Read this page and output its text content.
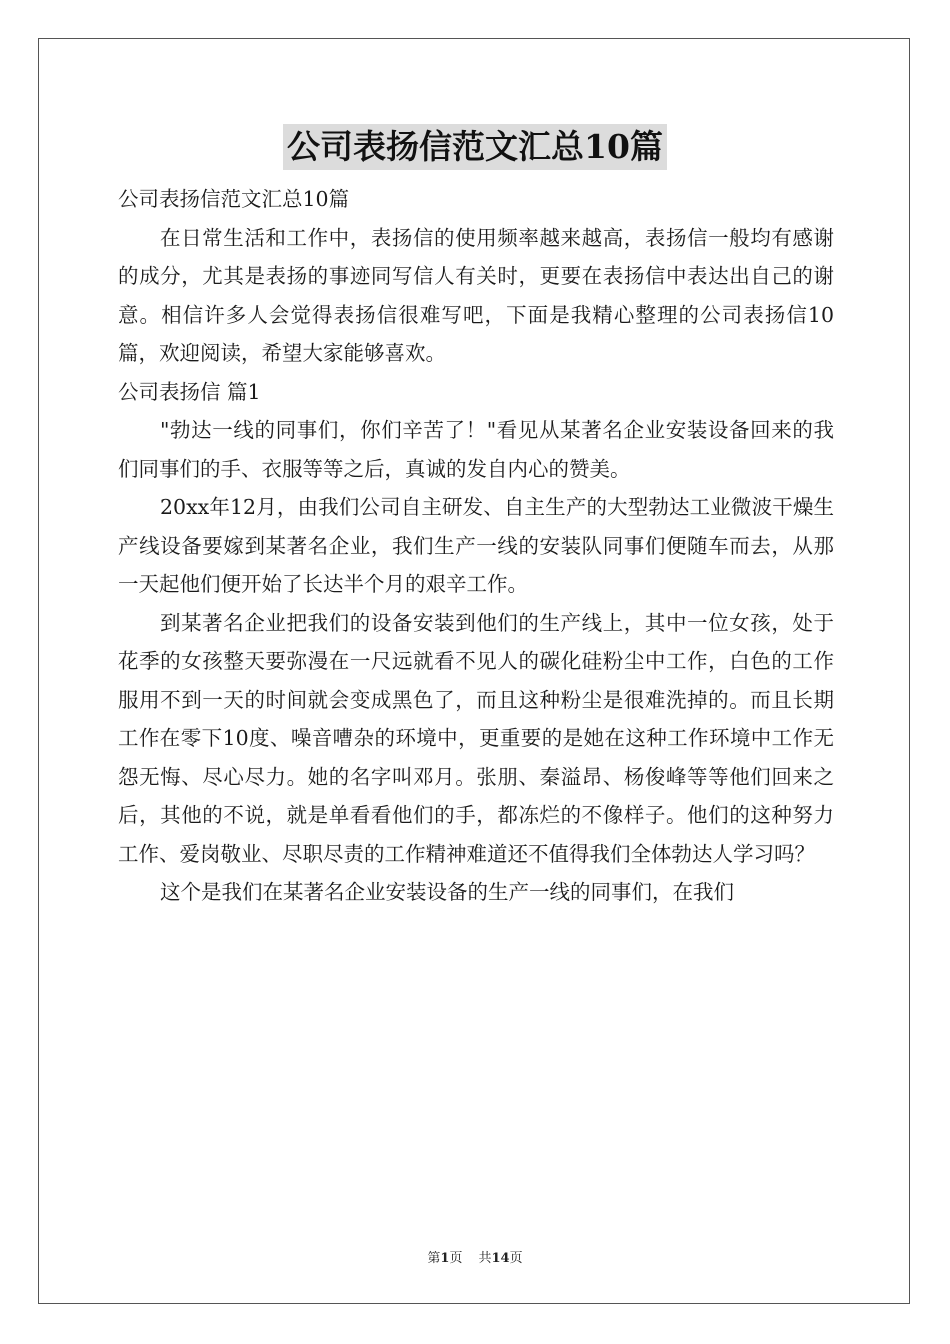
公司表扬信范文汇总10篇

公司表扬信范文汇总10篇

在日常生活和工作中，表扬信的使用频率越来越高，表扬信一般均有感谢的成分，尤其是表扬的事迹同写信人有关时，更要在表扬信中表达出自己的谢意。相信许多人会觉得表扬信很难写吧，下面是我精心整理的公司表扬信10篇，欢迎阅读，希望大家能够喜欢。

公司表扬信 篇1

"勃达一线的同事们，你们辛苦了！"看见从某著名企业安装设备回来的我们同事们的手、衣服等等之后，真诚的发自内心的赞美。

20xx年12月，由我们公司自主研发、自主生产的大型勃达工业微波干燥生产线设备要嫁到某著名企业，我们生产一线的安装队同事们便随车而去，从那一天起他们便开始了长达半个月的艰辛工作。

到某著名企业把我们的设备安装到他们的生产线上，其中一位女孩，处于花季的女孩整天要弥漫在一尺远就看不见人的碳化硅粉尘中工作，白色的工作服用不到一天的时间就会变成黑色了，而且这种粉尘是很难洗掉的。而且长期工作在零下10度、噪音嘈杂的环境中，更重要的是她在这种工作环境中工作无怨无悔、尽心尽力。她的名字叫邓月。张朋、秦溢昂、杨俊峰等等他们回来之后，其他的不说，就是单看看他们的手，都冻烂的不像样子。他们的这种努力工作、爱岗敬业、尽职尽责的工作精神难道还不值得我们全体勃达人学习吗？

这个是我们在某著名企业安装设备的生产一线的同事们，在我们

第1页 共14页
